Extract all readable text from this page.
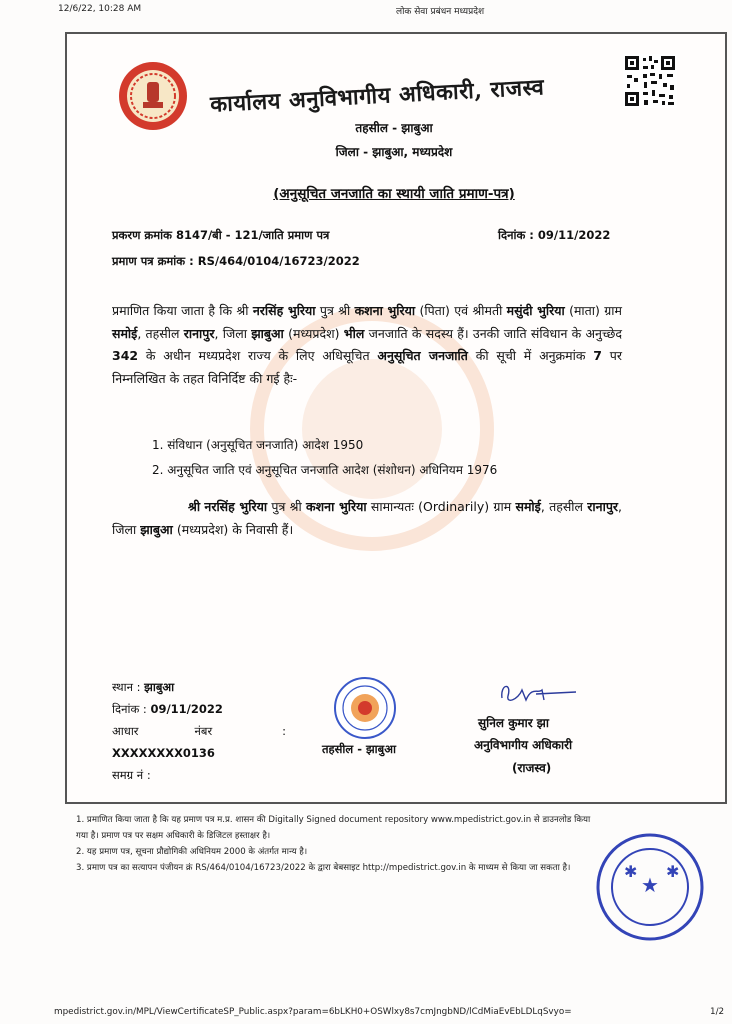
12/6/22, 10:28 AM	लोक सेवा प्रबंधन मध्यप्रदेश
कार्यालय अनुविभागीय अधिकारी, राजस्व
तहसील - झाबुआ
जिला - झाबुआ, मध्यप्रदेश
(अनुसूचित जनजाति का स्थायी जाति प्रमाण-पत्र)
प्रकरण क्रमांक 8147/बी - 121/जाति प्रमाण पत्र	दिनांक : 09/11/2022
प्रमाण पत्र क्रमांक : RS/464/0104/16723/2022
प्रमाणित किया जाता है कि श्री नरसिंह भुरिया पुत्र श्री कशना भुरिया (पिता) एवं श्रीमती मसुंदी भुरिया (माता) ग्राम समोई, तहसील रानापुर, जिला झाबुआ (मध्यप्रदेश) भील जनजाति के सदस्य हैं। उनकी जाति संविधान के अनुच्छेद 342 के अधीन मध्यप्रदेश राज्य के लिए अधिसूचित अनुसूचित जनजाति की सूची में अनुक्रमांक 7 पर निम्नलिखित के तहत विनिर्दिष्ट की गई हैः-
1. संविधान (अनुसूचित जनजाति) आदेश 1950
2. अनुसूचित जाति एवं अनुसूचित जनजाति आदेश (संशोधन) अधिनियम 1976
श्री नरसिंह भुरिया पुत्र श्री कशना भुरिया सामान्यतः (Ordinarily) ग्राम समोई, तहसील रानापुर, जिला झाबुआ (मध्यप्रदेश) के निवासी हैं।
स्थान : झाबुआ
दिनांक : 09/11/2022
आधार	नंबर	:
XXXXXXXX0136
समग्र नं :
तहसील - झाबुआ
सुनिल कुमार झा
अनुविभागीय अधिकारी
(राजस्व)
1. प्रमाणित किया जाता है कि यह प्रमाण पत्र म.प्र. शासन की Digitally Signed document repository www.mpedistrict.gov.in से डाउनलोड किया
गया है। प्रमाण पत्र पर सक्षम अधिकारी के डिजिटल हस्ताक्षर है।
2. यह प्रमाण पत्र, सूचना प्रौद्योगिकी अधिनियम 2000 के अंतर्गत मान्य है।
3. प्रमाण पत्र का सत्यापन पंजीयन क्रं RS/464/0104/16723/2022 के द्वारा बेबसाइट http://mpedistrict.gov.in के माध्यम से किया जा सकता है।
★
✱ ✱
mpedistrict.gov.in/MPL/ViewCertificateSP_Public.aspx?param=6bLKH0+OSWlxy8s7cmJngbND/lCdMiaEvEbLDLqSvyo=	1/2
